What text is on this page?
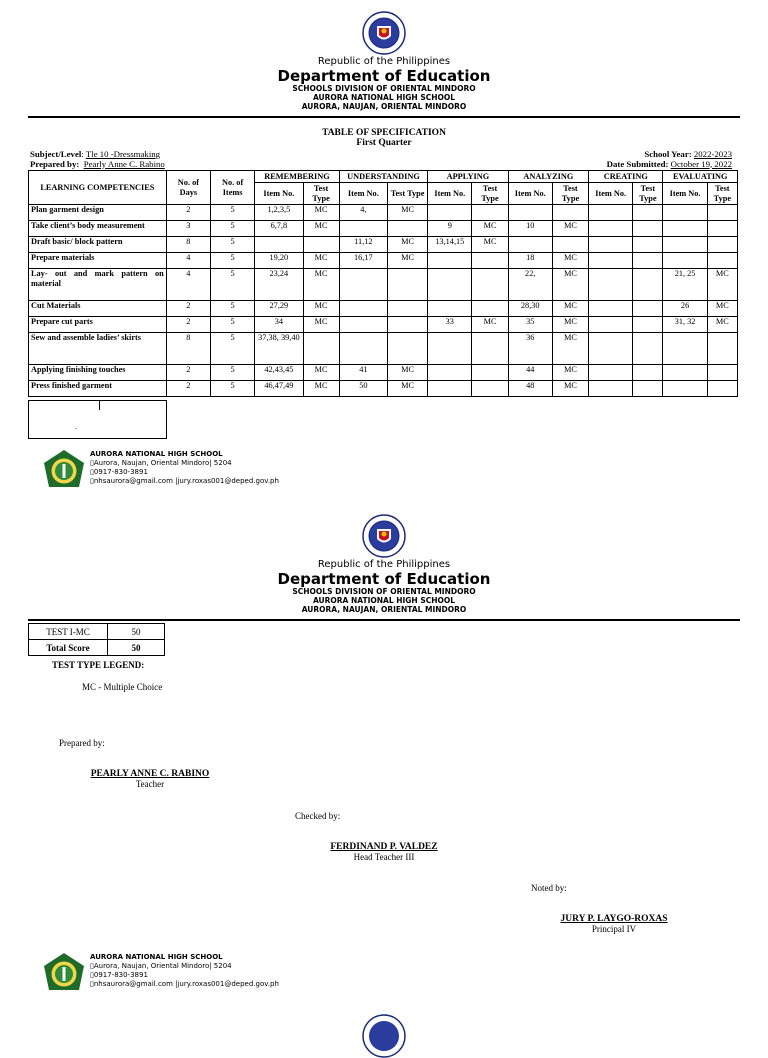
Republic of the Philippines
Department of Education
SCHOOLS DIVISION OF ORIENTAL MINDORO
AURORA NATIONAL HIGH SCHOOL
AURORA, NAUJAN, ORIENTAL MINDORO
TABLE OF SPECIFICATION
First Quarter
Subject/Level: Tle 10 -Dressmaking
Prepared by: Pearly Anne C. Rabino
School Year: 2022-2023
Date Submitted: October 19, 2022
LEARNING COMPETENCIES	No. of Days	No. of Items	REMEMBERING		UNDERSTANDING		APPLYING		ANALYZING		CREATING		EVALUATING	
			Item No.	Test Type	Item No.	Test Type	Item No.	Test Type	Item No.	Test Type	Item No.	Test Type	Item No.	Test Type
Plan garment design	2	5	1,2,3,5	MC	4,	MC								
Take client’s body measurement	3	5	6,7,8	MC			9	MC	10	MC				
Draft basic/ block pattern	8	5			11,12	MC	13,14,15	MC						
Prepare materials	4	5	19,20	MC	16,17	MC			18	MC				
Lay- out and mark pattern on material	4	5	23,24	MC					22,	MC			21, 25	MC
Cut Materials	2	5	27,29	MC					28,30	MC			26	MC
Prepare cut parts	2	5	34	MC			33	MC	35	MC			31, 32	MC
Sew and assemble ladies’ skirts	8	5	37,38, 39,40						36	MC				
Applying finishing touches	2	5	42,43,45	MC	41	MC			44	MC				
Press finished garment	2	5	46,47,49	MC	50	MC			48	MC				
.
AURORA NATIONAL HIGH SCHOOL
▯Aurora, Naujan, Oriental Mindoro| 5204
▯0917-830-3891
▯nhsaurora@gmail.com |jury.roxas001@deped.gov.ph
Republic of the Philippines
Department of Education
SCHOOLS DIVISION OF ORIENTAL MINDORO
AURORA NATIONAL HIGH SCHOOL
AURORA, NAUJAN, ORIENTAL MINDORO
TEST I-MC	50
Total Score	50
TEST TYPE LEGEND:
MC - Multiple Choice
Prepared by:
PEARLY ANNE C. RABINO
Teacher
Checked by:
FERDINAND P. VALDEZ
Head Teacher III
Noted by:
JURY P. LAYGO-ROXAS
Principal IV
AURORA NATIONAL HIGH SCHOOL
▯Aurora, Naujan, Oriental Mindoro| 5204
▯0917-830-3891
▯nhsaurora@gmail.com |jury.roxas001@deped.gov.ph
